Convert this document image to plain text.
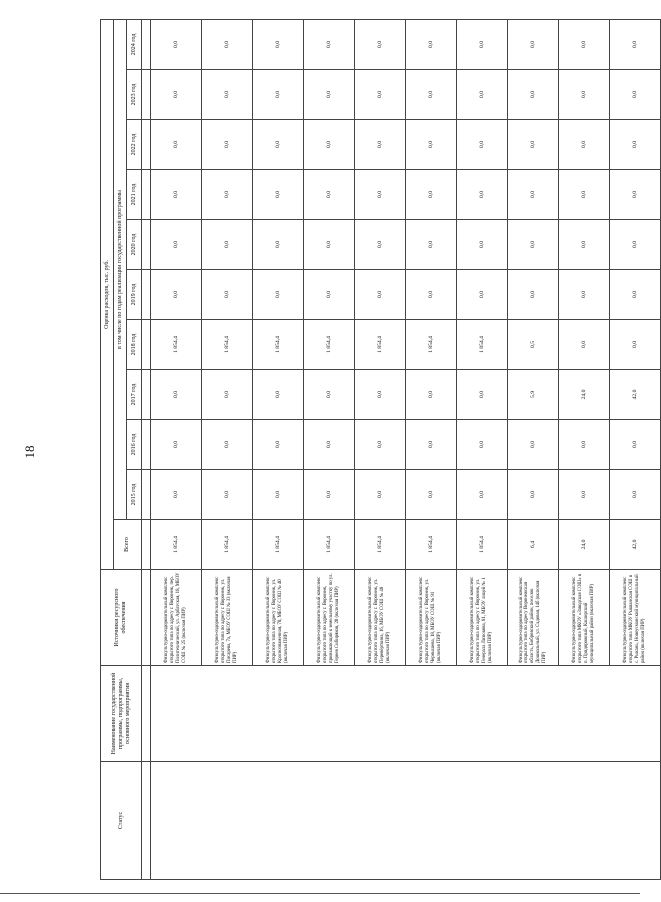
18
Статус	Наименование государственной программы, подпрограммы, основного мероприятия	Источники ресурсного обеспечения	Оценка расходов, тыс. руб.										
			Всего	в том числе по годам реализации государственной программы									
				2015 год	2016 год	2017 год	2018 год	2019 год	2020 год	2021 год	2022 год	2023 год	2024 год

		Физкультурно-оздоровительный комплекс открытого типа по адресу г. Воронеж, пер. Политехнический, ул. Арбатская, 18, МБОУ СОШ № 25 (включая ПИР)	1 854,4	0,0	0,0	0,0	1 854,4	0,0	0,0	0,0	0,0	0,0	0,0
		Физкультурно-оздоровительный комплекс открытого типа по адресу г. Воронеж, ул. Писарева, 7а, МБОУ СОШ № 33 (включая ПИР)	1 854,4	0,0	0,0	0,0	1 854,4	0,0	0,0	0,0	0,0	0,0	0,0
		Физкультурно-оздоровительный комплекс открытого типа по адресу г. Воронеж, ул. Краснознаменная, 78, МБОУ СОШ № 40 (включая ПИР)	1 854,4	0,0	0,0	0,0	1 854,4	0,0	0,0	0,0	0,0	0,0	0,0
		Физкультурно-оздоровительный комплекс открытого типа по адресу г. Воронеж, примыкающий к земельному участку по ул. Героев Сибиряков, 20 (включая ПИР)	1 854,4	0,0	0,0	0,0	1 854,4	0,0	0,0	0,0	0,0	0,0	0,0
		Физкультурно-оздоровительный комплекс открытого типа по адресу г. Воронеж, ул. Перевёрткина, 16, МБОУ СОШ № 48 (включая ПИР)	1 854,4	0,0	0,0	0,0	1 854,4	0,0	0,0	0,0	0,0	0,0	0,0
		Физкультурно-оздоровительный комплекс открытого типа по адресу г. Воронеж, ул. Чернышева, 18, МБОУ СОШ № 91 (включая ПИР)	1 854,4	0,0	0,0	0,0	1 854,4	0,0	0,0	0,0	0,0	0,0	0,0
		Физкультурно-оздоровительный комплекс открытого типа по адресу г. Воронеж, ул. Генерала Лизюкова, 81, МБОУ лицей № 1 (включая ПИР)	1 854,4	0,0	0,0	0,0	1 854,4	0,0	0,0	0,0	0,0	0,0	0,0
		Физкультурно-оздоровительный комплекс открытого типа по адресу Воронежская область, Бобровский район, поселок Дошкольный, ул. Садовая, 14б (включая ПИР)	6,4	0,0	0,0	5,9	0,5	0,0	0,0	0,0	0,0	0,0	0,0
		Физкультурно-оздоровительный комплекс открытого типа МКОУ «Заводская СОШ» в п. Придорожный, Каширский муниципальный район (включая ПИР)	24,0	0,0	0,0	24,0	0,0	0,0	0,0	0,0	0,0	0,0	0,0
		Физкультурно-оздоровительный комплекс открытого типа МКОУ Рыкванская СОШ в с. Рыкань, Новоусманский муниципальный район (включая ПИР)	42,0	0,0	0,0	42,0	0,0	0,0	0,0	0,0	0,0	0,0	0,0
